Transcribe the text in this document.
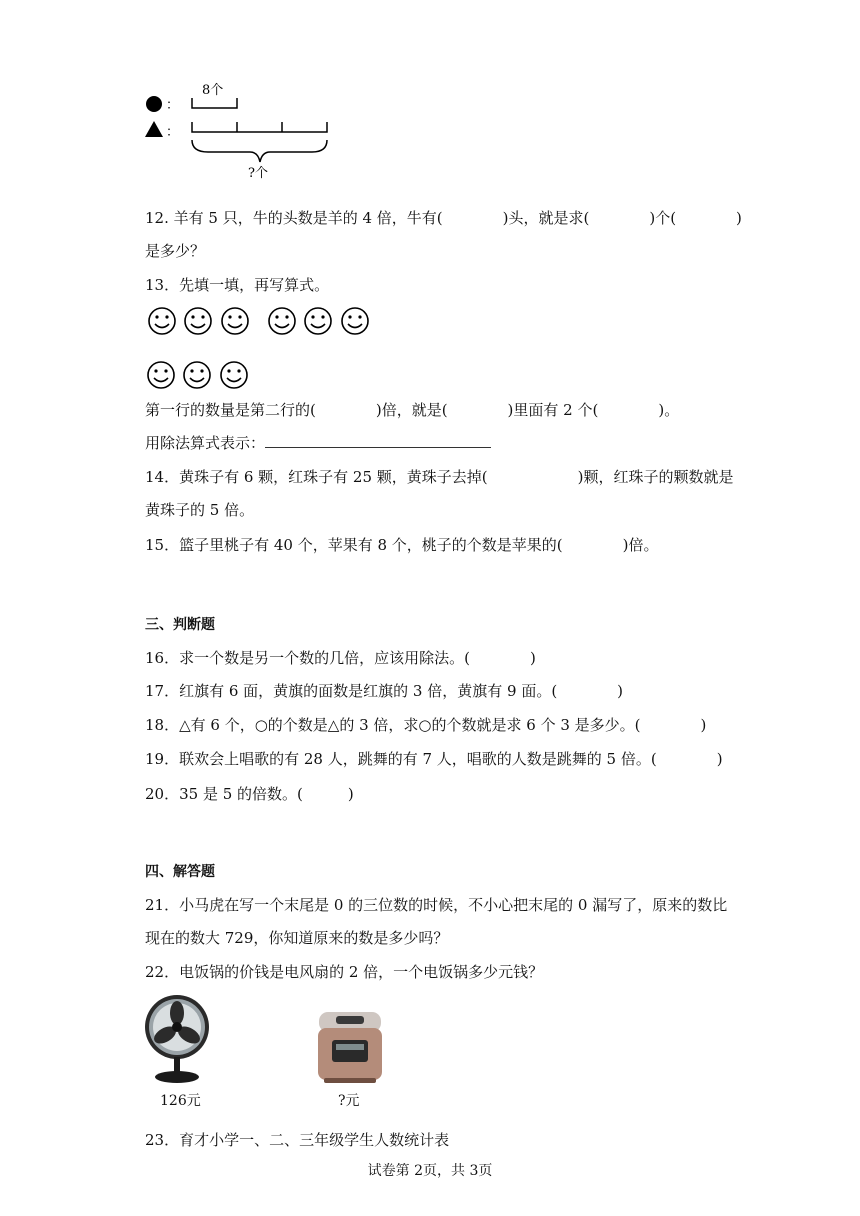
8个
：
：
?个
12. 羊有 5 只，牛的头数是羊的 4 倍，牛有(　　　　)头，就是求(　　　　)个(　　　　)
是多少？
13．先填一填，再写算式。
第一行的数量是第二行的(　　　　)倍，就是(　　　　)里面有 2 个(　　　　)。
用除法算式表示：
14．黄珠子有 6 颗，红珠子有 25 颗，黄珠子去掉(　　　　　　)颗，红珠子的颗数就是
黄珠子的 5 倍。
15．篮子里桃子有 40 个，苹果有 8 个，桃子的个数是苹果的(　　　　)倍。
三、判断题
16．求一个数是另一个数的几倍，应该用除法。(　　　　)
17．红旗有 6 面，黄旗的面数是红旗的 3 倍，黄旗有 9 面。(　　　　)
18．△有 6 个，○的个数是△的 3 倍，求○的个数就是求 6 个 3 是多少。(　　　　)
19．联欢会上唱歌的有 28 人，跳舞的有 7 人，唱歌的人数是跳舞的 5 倍。(　　　　)
20．35 是 5 的倍数。(　　　)
四、解答题
21．小马虎在写一个末尾是 0 的三位数的时候，不小心把末尾的 0 漏写了，原来的数比
现在的数大 729，你知道原来的数是多少吗？
22．电饭锅的价钱是电风扇的 2 倍，一个电饭锅多少元钱？
126元	?元
23．育才小学一、二、三年级学生人数统计表
试卷第 2页，共 3页
